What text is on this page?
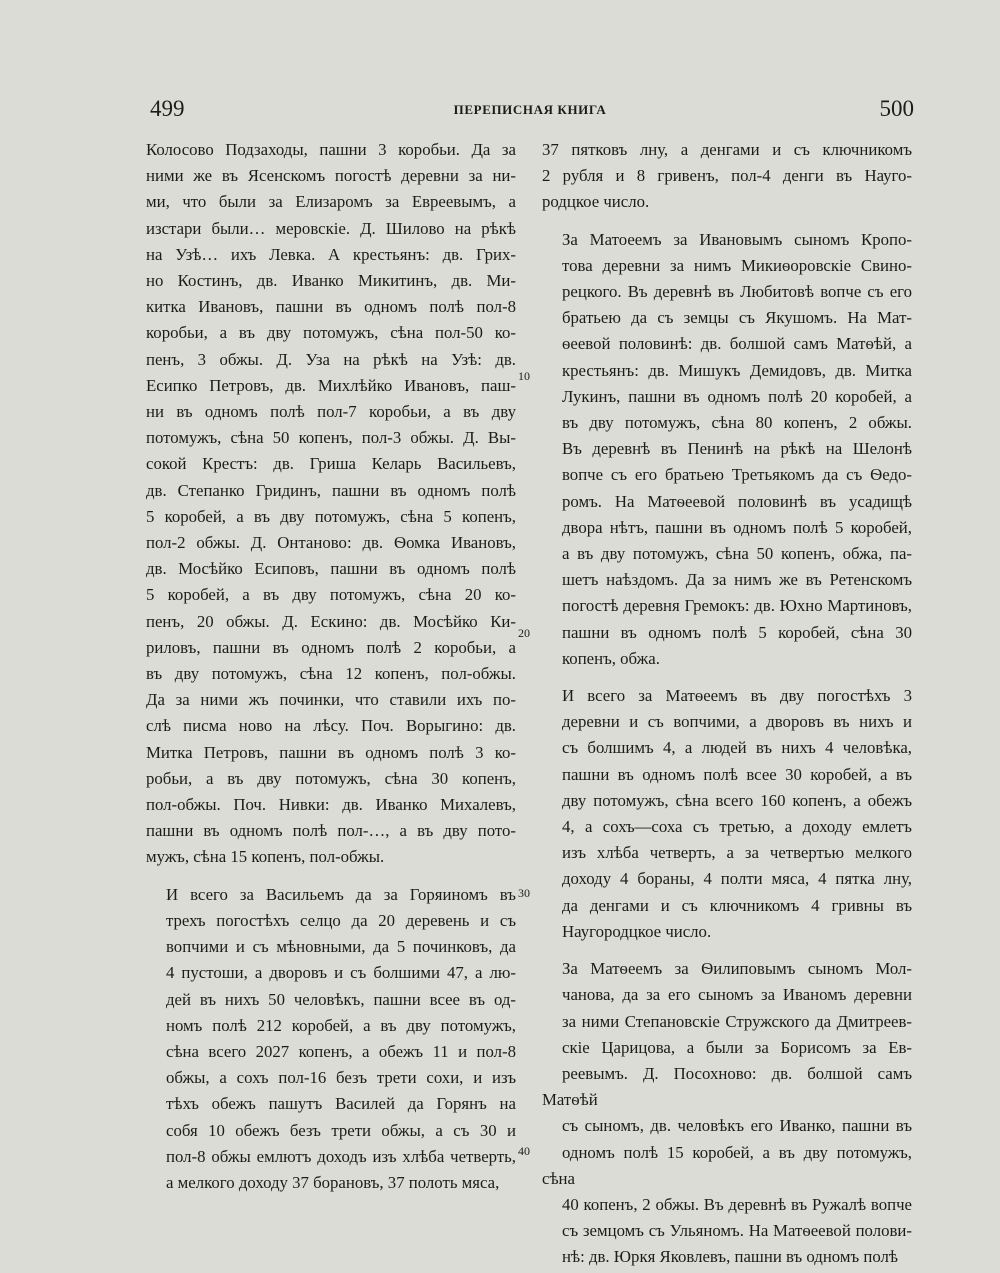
499	ПЕРЕПИСНАЯ КНИГА	500
Колосово Подзаходы, пашни 3 коробьи. Да за
ними же въ Ясенскомъ погостѣ деревни за ни-
ми, что были за Елизаромъ за Евреевымъ, а
изстари были… меровскіе. Д. Шилово на рѣкѣ
на Узѣ… ихъ Левка. А крестьянъ: дв. Грих-
но Костинъ, дв. Иванко Микитинъ, дв. Ми-
китка Ивановъ, пашни въ одномъ полѣ пол-8
коробьи, а въ дву потомужъ, сѣна пол-50 ко-
пенъ, 3 обжы. Д. Уза на рѣкѣ на Узѣ: дв.
Есипко Петровъ, дв. Михлѣйко Ивановъ, паш-
ни въ одномъ полѣ пол-7 коробьи, а въ дву
потомужъ, сѣна 50 копенъ, пол-3 обжы. Д. Вы-
сокой Крестъ: дв. Гриша Келарь Васильевъ,
дв. Степанко Гридинъ, пашни въ одномъ полѣ
5 коробей, а въ дву потомужъ, сѣна 5 копенъ,
пол-2 обжы. Д. Онтаново: дв. Ѳомка Ивановъ,
дв. Мосѣйко Есиповъ, пашни въ одномъ полѣ
5 коробей, а въ дву потомужъ, сѣна 20 ко-
пенъ, 20 обжы. Д. Ескино: дв. Мосѣйко Ки-
риловъ, пашни въ одномъ полѣ 2 коробьи, а
въ дву потомужъ, сѣна 12 копенъ, пол-обжы.
Да за ними жъ починки, что ставили ихъ по-
слѣ писма ново на лѣсу. Поч. Ворыгино: дв.
Митка Петровъ, пашни въ одномъ полѣ 3 ко-
робьи, а въ дву потомужъ, сѣна 30 копенъ,
пол-обжы. Поч. Нивки: дв. Иванко Михалевъ,
пашни въ одномъ полѣ пол-…, а въ дву пото-
мужъ, сѣна 15 копенъ, пол-обжы.
И всего за Васильемъ да за Горяиномъ въ
трехъ погостѣхъ селцо да 20 деревень и съ
вопчими и съ мѣновными, да 5 починковъ, да
4 пустоши, а дворовъ и съ болшими 47, а лю-
дей въ нихъ 50 человѣкъ, пашни всее въ од-
номъ полѣ 212 коробей, а въ дву потомужъ,
сѣна всего 2027 копенъ, а обежъ 11 и пол-8
обжы, а сохъ пол-16 безъ трети сохи, и изъ
тѣхъ обежъ пашутъ Василей да Горянъ на
собя 10 обежъ безъ трети обжы, а съ 30 и
пол-8 обжы емлютъ доходъ изъ хлѣба четверть,
а мелкого доходу 37 борановъ, 37 полоть мяса,
37 пятковъ лну, а денгами и съ ключникомъ
2 рубля и 8 гривенъ, пол-4 денги въ Науго-
родцкое число.
За Матоеемъ за Ивановымъ сыномъ Кропо-
това деревни за нимъ Микиѳоровскіе Свино-
рецкого. Въ деревнѣ въ Любитовѣ вопче съ его
братьею да съ земцы съ Якушомъ. На Мат-
ѳеевой половинѣ: дв. болшой самъ Матѳѣй, а
крестьянъ: дв. Мишукъ Демидовъ, дв. Митка
Лукинъ, пашни въ одномъ полѣ 20 коробей, а
въ дву потомужъ, сѣна 80 копенъ, 2 обжы.
Въ деревнѣ въ Пенинѣ на рѣкѣ на Шелонѣ
вопче съ его братьею Третьякомъ да съ Ѳедо-
ромъ. На Матѳеевой половинѣ въ усадищѣ
двора нѣтъ, пашни въ одномъ полѣ 5 коробей,
а въ дву потомужъ, сѣна 50 копенъ, обжа, па-
шетъ наѣздомъ. Да за нимъ же въ Ретенскомъ
погостѣ деревня Гремокъ: дв. Юхно Мартиновъ,
пашни въ одномъ полѣ 5 коробей, сѣна 30
копенъ, обжа.
И всего за Матѳеемъ въ дву погостѣхъ 3
деревни и съ вопчими, а дворовъ въ нихъ и
съ болшимъ 4, а людей въ нихъ 4 человѣка,
пашни въ одномъ полѣ всее 30 коробей, а въ
дву потомужъ, сѣна всего 160 копенъ, а обежъ
4, а сохъ—соха съ третью, а доходу емлетъ
изъ хлѣба четверть, а за четвертью мелкого
доходу 4 бораны, 4 полти мяса, 4 пятка лну,
да денгами и съ ключникомъ 4 гривны въ
Наугородцкое число.
За Матѳеемъ за Ѳилиповымъ сыномъ Мол-
чанова, да за его сыномъ за Иваномъ деревни
за ними Степановскіе Стружского да Дмитреев-
скіе Царицова, а были за Борисомъ за Ев-
реевымъ. Д. Посохново: дв. болшой самъ Матѳѣй
съ сыномъ, дв. человѣкъ его Иванко, пашни въ
одномъ полѣ 15 коробей, а въ дву потомужъ, сѣна
40 копенъ, 2 обжы. Въ деревнѣ въ Ружалѣ вопче
съ земцомъ съ Ульяномъ. На Матѳеевой полови-
нѣ: дв. Юркя Яковлевъ, пашни въ одномъ полѣ
10
20
30
40
